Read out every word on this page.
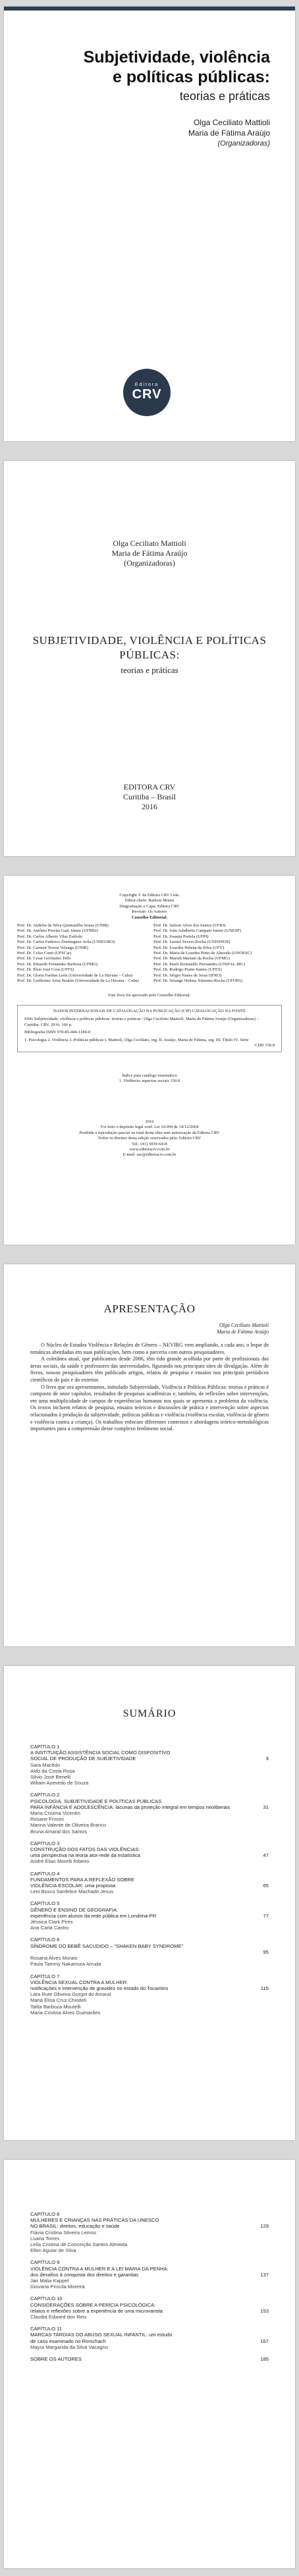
Subjetividade, violência
e políticas públicas:
teorias e práticas
Olga Ceciliato Mattioli
Maria de Fátima Araújo
(Organizadoras)
Editora
CRV
Olga Ceciliato Mattioli
Maria de Fátima Araújo
(Organizadoras)
SUBJETIVIDADE, VIOLÊNCIA E POLÍTICAS PÚBLICAS:
teorias e práticas
EDITORA CRV
Curitiba – Brasil
2016
Copyright © da Editora CRV Ltda.
Editor-chefe: Railson Moura
Diagramação e Capa: Editora CRV
Revisão: Os Autores
Conselho Editorial:
Prof. Dr. Andréia da Silva Quintanilha Sousa (UNIR)
Prof. Dr. Antônio Pereira Gaio Júnior (UFRRJ)
Prof. Dr. Carlos Alberto Vilar Estêvão
Prof. Dr. Carlos Federico Dominguez Avila (UNIEURO)
Prof. Dr. Carmen Tereza Velanga (UNIR)
Prof. Dr. Celso Conti (UFSCar)
Prof. Dr. Cesar Gerónimo Tello
Prof. Dr. Eduardo Fernandes Barbosa (UFMG)
Prof. Dr. Élsio José Corá (UFFS)
Prof. Dr. Gloria Fariñas León (Universidade de La Havana – Cuba)
Prof. Dr. Guillermo Arias Beatón (Universidade de La Havana – Cuba)
Prof. Dr. Jailson Alves dos Santos (UFRJ)
Prof. Dr. João Adalberto Campato Junior (UNESP)
Prof. Dr. Josania Portela (UFPI)
Prof. Dr. Leonel Severo Rocha (UNISINOS)
Prof. Dr. Lourdes Helena da Silva (UFV)
Prof. Dr. Maria de Lourdes Pinto de Almeida (UNOESC)
Prof. Dr. Mariah Mariani da Rocha (UFMG)
Prof. Dr. Paulo Romualdo Hernandes (UNIFAL-MG)
Prof. Dr. Rodrigo Pratte-Santos (UFES)
Prof. Dr. Sérgio Nunes de Jesus (IFRO)
Prof. Dr. Solange Helena Ximenes-Rocha (UFOPA)
Este livro foi aprovado pelo Conselho Editorial.
DADOS INTERNACIONAIS DE CATALOGAÇÃO NA PUBLICAÇÃO (CIP) CATALOGAÇÃO NA FONTE
S941 Subjetividade, violência e políticas públicas: teorias e práticas / Olga Ceciliato Mattioli, Maria de Fátima Araújo (Organizadoras) – Curitiba: CRV, 2016. 166 p.
Bibliografia ISBN 978-85-444-1184-8
1. Psicologia 2. Violência 3. Políticas públicas I. Mattioli, Olga Ceciliato, org. II. Araújo, Maria de Fátima, org. III. Título IV. Série
CDD 150.8
Índice para catálogo sistemático
1. Violência: aspectos sociais 150.8
2016
Foi feito o depósito legal conf. Lei 10.994 de 14/12/2004
Proibida a reprodução parcial ou total desta obra sem autorização da Editora CRV
Todos os direitos desta edição reservados pela: Editora CRV
Tel.: (41) 3039-6418
www.editoracrv.com.br
E-mail: sac@editoracrv.com.br
APRESENTAÇÃO
Olga Ceciliato Mattioli
Maria de Fátima Araújo

O Núcleo de Estudos Violência e Relações de Gênero – NEVIRG vem ampliando, a cada ano, o leque de temáticas abordadas em suas publicações, bem como a parceria com outros pesquisadores.

A coletânea atual, que publicamos desde 2006, têm tido grande acolhida por parte de profissionais das áreas sociais, da saúde e professores das universidades, figurando nos principais sites de divulgação. Além de livros, nossos pesquisadores têm publicado artigos, relatos de pesquisa e ensaios nos principais periódicos científicos do país e do exterior.

O livro que ora apresentamos, intitulado Subjetividade, Violência e Políticas Públicas: teorias e práticas é composto de onze capítulos, resultados de pesquisas acadêmicas e, também, de reflexões sobre intervenções, em uma multiplicidade de campos de experiências humanas nos quais se apresenta o problema da violência. Os textos incluem relatos de pesquisa, ensaios teóricos e discussões de prática e intervenção sobre aspectos relacionados à produção da subjetividade, políticas públicas e violência (violência escolar, violência de gênero e violência contra a criança). Os trabalhos enfocam diferentes contextos e abordagens teórico-metodológicas importantes para a compreensão desse complexo fenômeno social.

SUMÁRIO
CAPÍTULO 1
A INSTITUIÇÃO ASSISTÊNCIA SOCIAL COMO DISPOSITIVO
SOCIAL DE PRODUÇÃO DE SUBJETIVIDADE	9
Sara Macêdo
Aldo da Costa Rosa
Silvio José Benelli
Wiliam Azevedo de Souza
CAPÍTULO 2
PSICOLOGIA, SUBJETIVIDADE E POLÍTICAS PÚBLICAS
PARA INFÂNCIA E ADOLESCÊNCIA: lacunas da proteção integral em tempos neoliberais	31
Maria Cristina Vicentin
Rosane Frosini
Marina Valente de Oliveira Branco
Bruna Amaral dos Santos
CAPÍTULO 3
CONSTRUÇÃO DOS FATOS DAS VIOLÊNCIAS:
uma perspectiva na teoria ator-rede da estatística	47
André Elias Morelli Ribeiro
CAPÍTULO 4
FUNDAMENTOS PARA A REFLEXÃO SOBRE
VIOLÊNCIA ESCOLAR: uma proposta	65
Leni Bosco Sanfelice Machado Jesus
CAPÍTULO 5
GÊNERO E ENSINO DE GEOGRAFIA:
experiência com alunos da rede pública em Londrina-PR	77
Jéssica Clark Pires
Ana Carla Castro
CAPÍTULO 6
SÍNDROME DO BEBÊ SACUDIDO – "SHAKEN BABY SYNDROME"
95
Rosana Alves Morais
Paula Tammy Nakamura Arruda
CAPÍTULO 7
VIOLÊNCIA SEXUAL CONTRA A MULHER:
notificações e intervenção de gravidez no estado do Tocantins	115
Lara Rute Oliveira Gorgel do Amaral
Maria Elisa Cruz Chiodeli
Talita Barboza Moutelli
Maria Cristina Alves Guimarães
CAPÍTULO 8
MULHERES E CRIANÇAS NAS PRÁTICAS DA UNESCO
NO BRASIL: direitos, educação e saúde	129
Flávia Cristina Silveira Lemos
Luana Torres
Leila Cristina de Conceição Santos Almeida
Ellen Aguiar de Silva
CAPÍTULO 9
VIOLÊNCIA CONTRA A MULHER E A LEI MARIA DA PENHA:
dos desafios à conquista dos direitos e garantias	137
Jair Malia Kappel
Giovana Priscila Moreira
CAPÍTULO 10
CONSIDERAÇÕES SOBRE A PERÍCIA PSICOLÓGICA:
relatos e reflexões sobre a experiência de uma microvarista	153
Claudia Edward dos Reis
CAPÍTULO 11
MARCAS TARDIAS DO ABUSO SEXUAL INFANTIL: um estudo
de caso examinado no Rorschach	167
Mayra Margarida da Silva Vacagno
SOBRE OS AUTORES	185
